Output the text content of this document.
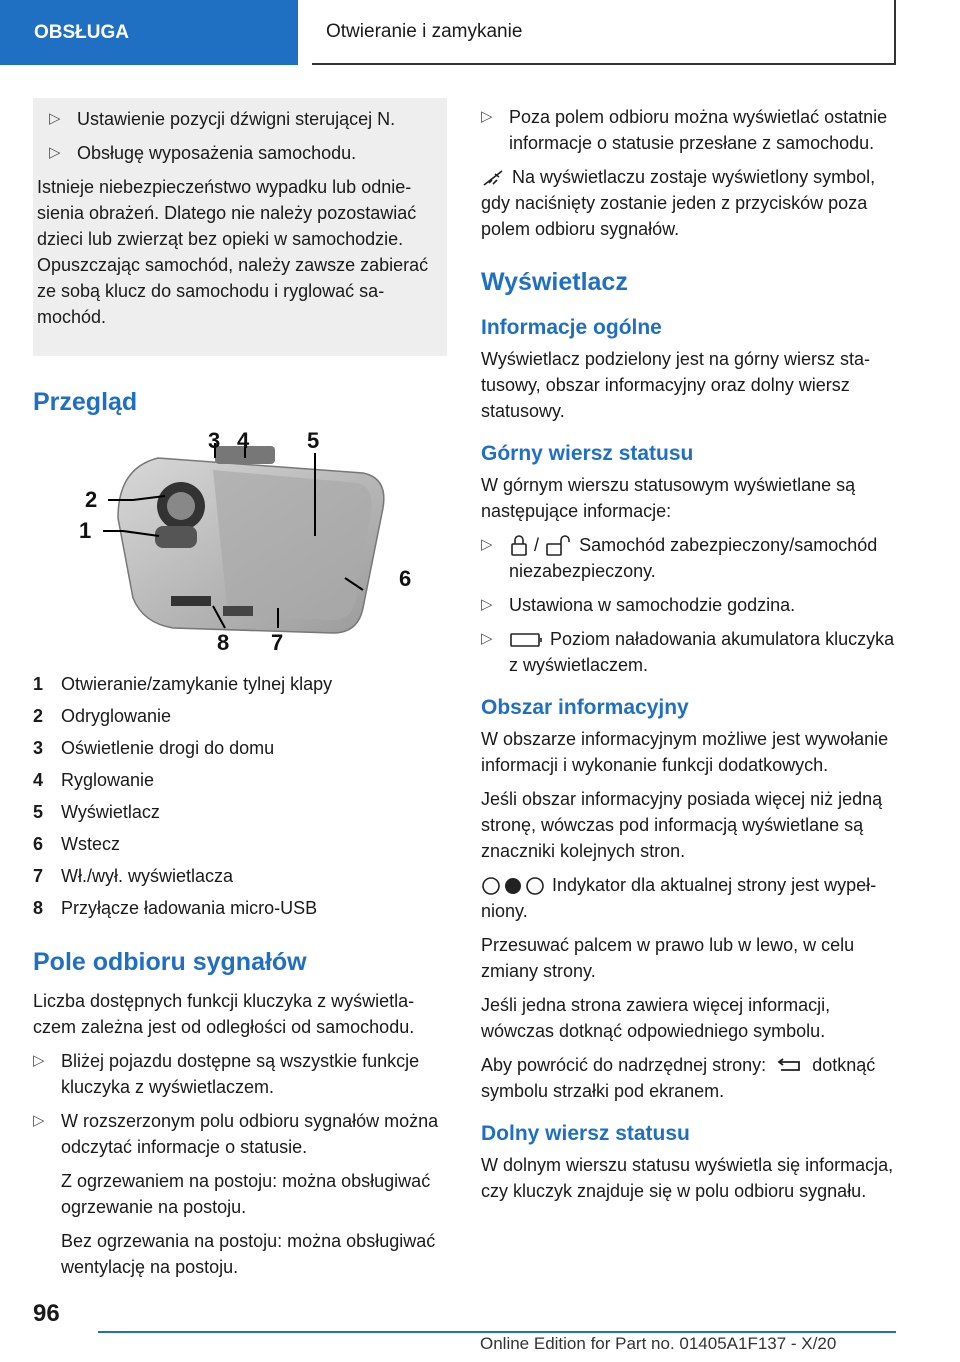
OBSŁUGA	Otwieranie i zamykanie
▷ Ustawienie pozycji dźwigni sterującej N.
▷ Obsługę wyposażenia samochodu.

Istnieje niebezpieczeństwo wypadku lub odniesienia obrażeń. Dlatego nie należy pozostawiać dzieci lub zwierząt bez opieki w samochodzie. Opuszczając samochód, należy zawsze zabierać ze sobą klucz do samochodu i ryglować samochód.

Przegląd
2
1
3 4	5
6
7
8
1 Otwieranie/zamykanie tylnej klapy
2 Odryglowanie
3 Oświetlenie drogi do domu
4 Ryglowanie
5 Wyświetlacz
6 Wstecz
7 Wł./wył. wyświetlacza
8 Przyłącze ładowania micro-USB
Pole odbioru sygnałów

Liczba dostępnych funkcji kluczyka z wyświetlaczem zależna jest od odległości od samochodu.

▷ Bliżej pojazdu dostępne są wszystkie funkcje kluczyka z wyświetlaczem.
▷ W rozszerzonym polu odbioru sygnałów można odczytać informacje o statusie.

Z ogrzewaniem na postoju: można obsługiwać ogrzewanie na postoju.

Bez ogrzewania na postoju: można obsługiwać wentylację na postoju.

▷ Poza polem odbioru można wyświetlać ostatnie informacje o statusie przesłane z samochodu.

Na wyświetlaczu zostaje wyświetlony symbol, gdy naciśnięty zostanie jeden z przycisków poza polem odbioru sygnałów.

Wyświetlacz
Informacje ogólne

Wyświetlacz podzielony jest na górny wiersz statusowy, obszar informacyjny oraz dolny wiersz statusowy.

Górny wiersz statusu

W górnym wierszu statusowym wyświetlane są następujące informacje:

▷	/ Samochód zabezpieczony/samochód niezabezpieczony.
▷ Ustawiona w samochodzie godzina.
▷	Poziom naładowania akumulatora kluczyka z wyświetlaczem.
Obszar informacyjny

W obszarze informacyjnym możliwe jest wywołanie informacji i wykonanie funkcji dodatkowych.

Jeśli obszar informacyjny posiada więcej niż jedną stronę, wówczas pod informacją wyświetlane są znaczniki kolejnych stron.

Indykator dla aktualnej strony jest wypełniony.

Przesuwać palcem w prawo lub w lewo, w celu zmiany strony.

Jeśli jedna strona zawiera więcej informacji, wówczas dotknąć odpowiedniego symbolu.

Aby powrócić do nadrzędnej strony:	dotknąć symbolu strzałki pod ekranem.

Dolny wiersz statusu

W dolnym wierszu statusu wyświetla się informacja, czy kluczyk znajduje się w polu odbioru sygnału.

96
Online Edition for Part no. 01405A1F137 - X/20
